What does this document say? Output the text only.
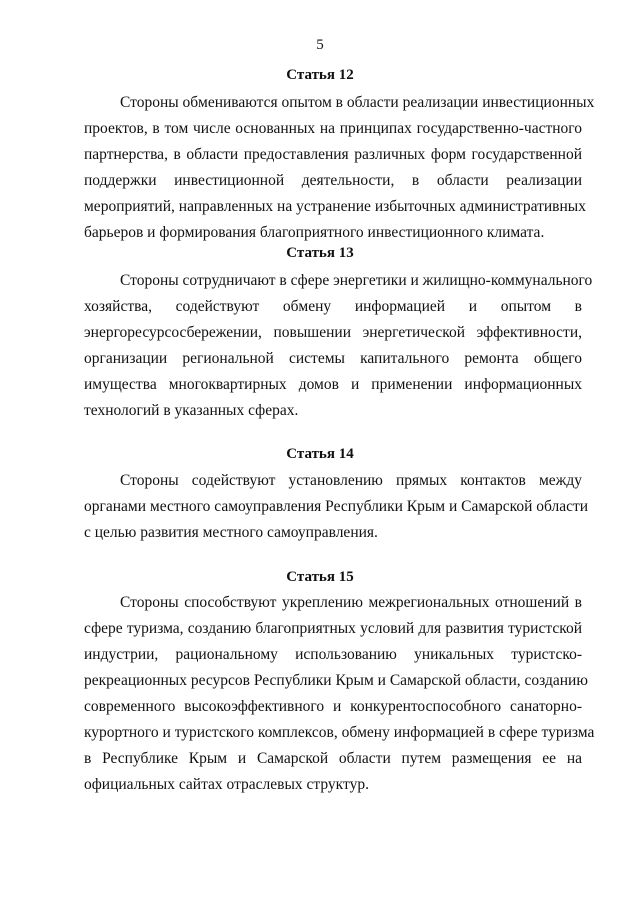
5
Статья 12
Стороны обмениваются опытом в области реализации инвестиционных
проектов, в том числе основанных на принципах государственно-частного
партнерства, в области предоставления различных форм государственной
поддержки инвестиционной деятельности, в области реализации
мероприятий, направленных на устранение избыточных административных
барьеров и формирования благоприятного инвестиционного климата.
Статья 13
Стороны сотрудничают в сфере энергетики и жилищно-коммунального
хозяйства, содействуют обмену информацией и опытом в
энергоресурсосбережении, повышении энергетической эффективности,
организации региональной системы капитального ремонта общего
имущества многоквартирных домов и применении информационных
технологий в указанных сферах.
Статья 14
Стороны содействуют установлению прямых контактов между
органами местного самоуправления Республики Крым и Самарской области
с целью развития местного самоуправления.
Статья 15
Стороны способствуют укреплению межрегиональных отношений в
сфере туризма, созданию благоприятных условий для развития туристской
индустрии, рациональному использованию уникальных туристско-
рекреационных ресурсов Республики Крым и Самарской области, созданию
современного высокоэффективного и конкурентоспособного санаторно-
курортного и туристского комплексов, обмену информацией в сфере туризма
в Республике Крым и Самарской области путем размещения ее на
официальных сайтах отраслевых структур.
